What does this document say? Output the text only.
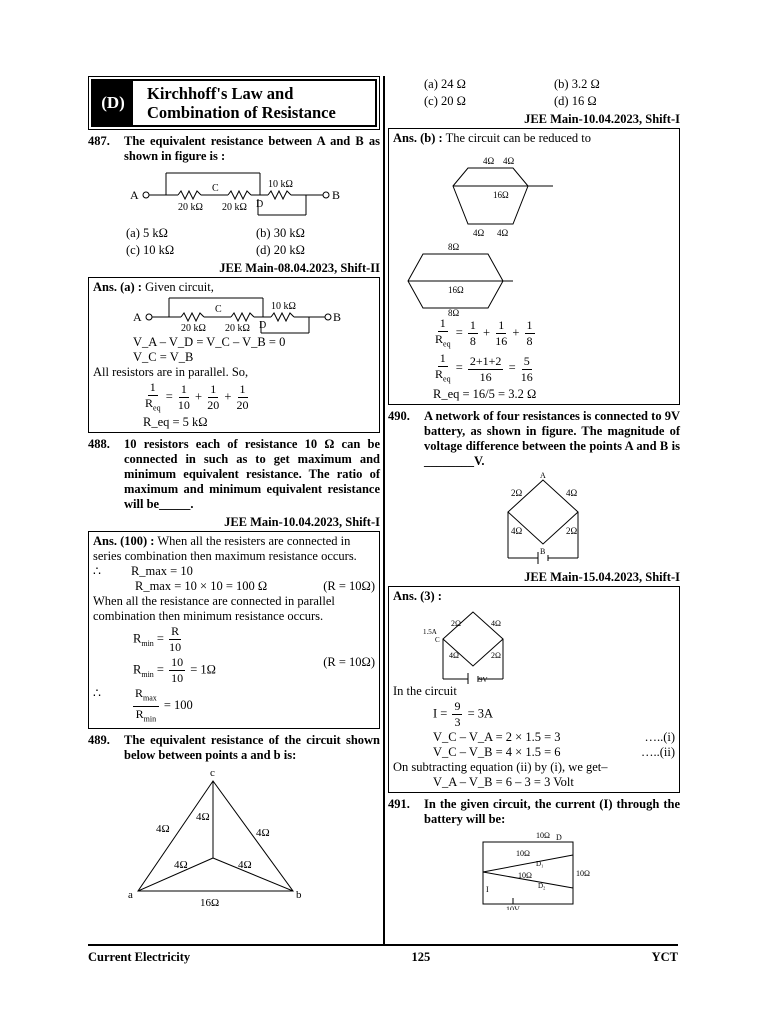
(D)	Kirchhoff's Law and
Combination of Resistance
487.	The equivalent resistance between A and B as shown in figure is :
A	B
C
D
20 kΩ 20 kΩ
10 kΩ
(a) 5 kΩ	(b) 30 kΩ
(c) 10 kΩ	(d) 20 kΩ
JEE Main-08.04.2023, Shift-II
Ans. (a) : Given circuit,
A	B
C
D
20 kΩ 20 kΩ
10 kΩ
V_A – V_D = V_C – V_B = 0
V_C = V_B
All resistors are in parallel. So,
$\frac{1}{R_{eq}} = \frac{1}{10} + \frac{1}{20} + \frac{1}{20}$
R_eq = 5 kΩ
488.	10 resistors each of resistance 10 Ω can be connected in such as to get maximum and minimum equivalent resistance. The ratio of maximum and minimum equivalent resistance will be_____.
JEE Main-10.04.2023, Shift-I
Ans. (100) : When all the resisters are connected in series combination then maximum resistance occurs.
∴	R_max = 10
R_max = 10 × 10 = 100 Ω	(R = 10Ω)
When all the resistance are connected in parallel combination then minimum resistance occurs.
$R_{min} = \frac{R}{10}$
$R_{min} = \frac{10}{10} = 1\Omega$
(R = 10Ω)
∴	$\frac{R_{max}}{R_{min}} = 100$
489.	The equivalent resistance of the circuit shown below between points a and b is:
c
a	b
4Ω
4Ω
4Ω
4Ω	4Ω
16Ω
(a) 24 Ω	(b) 3.2 Ω
(c) 20 Ω	(d) 16 Ω
JEE Main-10.04.2023, Shift-I
Ans. (b) : The circuit can be reduced to
4Ω 4Ω
16Ω
4Ω 4Ω
8Ω
16Ω
8Ω
$\frac{1}{R_{eq}} = \frac{1}{8} + \frac{1}{16} + \frac{1}{8}$
$\frac{1}{R_{eq}} = \frac{2+1+2}{16} = \frac{5}{16}$
R_eq = 16/5 = 3.2 Ω
490.	A network of four resistances is connected to 9V battery, as shown in figure. The magnitude of voltage difference between the points A and B is ________V.
2Ω	4Ω
4Ω	2Ω
A
B
JEE Main-15.04.2023, Shift-I
Ans. (3) :
2Ω	4Ω
4Ω	2Ω
1.5A
C
9V
In the circuit
$I = \frac{9}{3} = 3A$
V_C – V_A = 2 × 1.5 = 3	…..(i)
V_C – V_B = 4 × 1.5 = 6	…..(ii)
On subtracting equation (ii) by (i), we get–
V_A – V_B = 6 – 3 = 3 Volt
491.	In the given circuit, the current (I) through the battery will be:
10Ω D
10Ω
D₁
10Ω
D₂
10Ω
10V
I
Current Electricity	125	YCT
